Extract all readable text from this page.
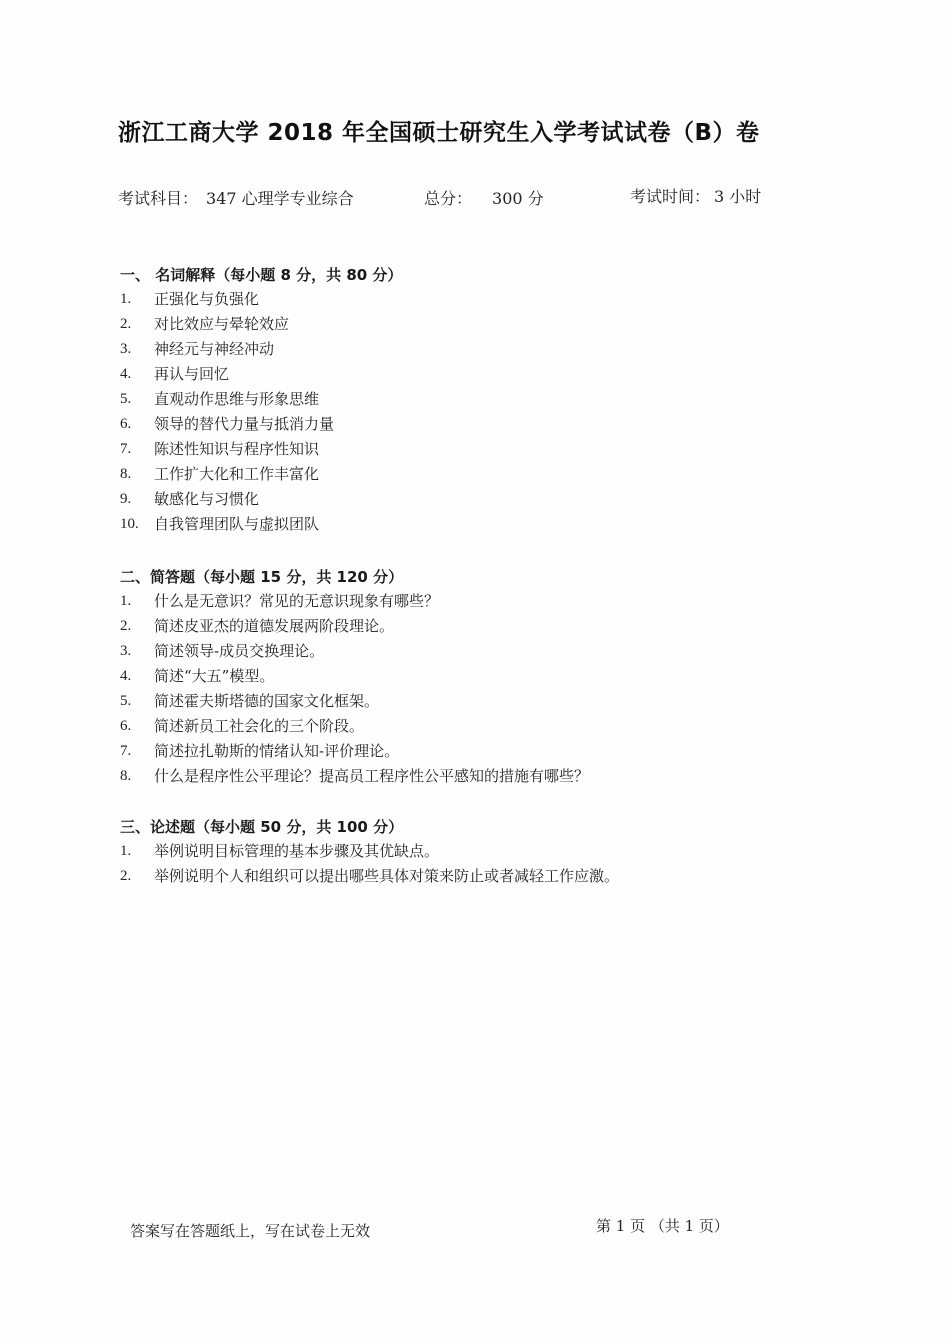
浙江工商大学 2018 年全国硕士研究生入学考试试卷（B）卷
考试科目： 347 心理学专业综合	总分： 300 分	考试时间： 3 小时
一、 名词解释（每小题 8 分，共 80 分）
1.	正强化与负强化
2.	对比效应与晕轮效应
3.	神经元与神经冲动
4.	再认与回忆
5.	直观动作思维与形象思维
6.	领导的替代力量与抵消力量
7.	陈述性知识与程序性知识
8.	工作扩大化和工作丰富化
9.	敏感化与习惯化
10.	自我管理团队与虚拟团队
二、简答题（每小题 15 分，共 120 分）
1.	什么是无意识？常见的无意识现象有哪些？
2.	简述皮亚杰的道德发展两阶段理论。
3.	简述领导-成员交换理论。
4.	简述“大五”模型。
5.	简述霍夫斯塔德的国家文化框架。
6.	简述新员工社会化的三个阶段。
7.	简述拉扎勒斯的情绪认知-评价理论。
8.	什么是程序性公平理论？提高员工程序性公平感知的措施有哪些？
三、论述题（每小题 50 分，共 100 分）
1.	举例说明目标管理的基本步骤及其优缺点。
2.	举例说明个人和组织可以提出哪些具体对策来防止或者减轻工作应激。
答案写在答题纸上，写在试卷上无效	第 1 页 （共 1 页）
